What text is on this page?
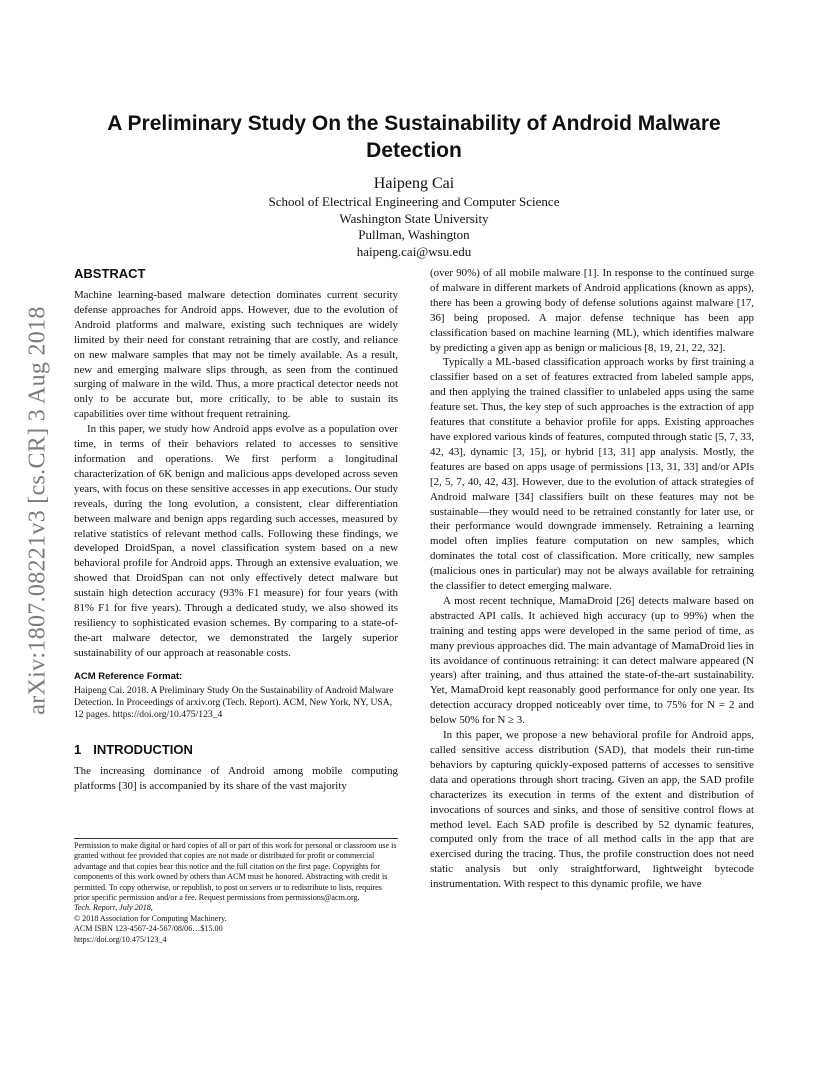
arXiv:1807.08221v3 [cs.CR] 3 Aug 2018
A Preliminary Study On the Sustainability of Android Malware Detection
Haipeng Cai
School of Electrical Engineering and Computer Science
Washington State University
Pullman, Washington
haipeng.cai@wsu.edu
ABSTRACT

Machine learning-based malware detection dominates current security defense approaches for Android apps. However, due to the evolution of Android platforms and malware, existing such techniques are widely limited by their need for constant retraining that are costly, and reliance on new malware samples that may not be timely available. As a result, new and emerging malware slips through, as seen from the continued surging of malware in the wild. Thus, a more practical detector needs not only to be accurate but, more critically, to be able to sustain its capabilities over time without frequent retraining.

In this paper, we study how Android apps evolve as a population over time, in terms of their behaviors related to accesses to sensitive information and operations. We first perform a longitudinal characterization of 6K benign and malicious apps developed across seven years, with focus on these sensitive accesses in app executions. Our study reveals, during the long evolution, a consistent, clear differentiation between malware and benign apps regarding such accesses, measured by relative statistics of relevant method calls. Following these findings, we developed DroidSpan, a novel classification system based on a new behavioral profile for Android apps. Through an extensive evaluation, we showed that DroidSpan can not only effectively detect malware but sustain high detection accuracy (93% F1 measure) for four years (with 81% F1 for five years). Through a dedicated study, we also showed its resiliency to sophisticated evasion schemes. By comparing to a state-of-the-art malware detector, we demonstrated the largely superior sustainability of our approach at reasonable costs.

ACM Reference Format:

Haipeng Cai. 2018. A Preliminary Study On the Sustainability of Android Malware Detection. In Proceedings of arxiv.org (Tech. Report). ACM, New York, NY, USA, 12 pages. https://doi.org/10.475/123_4

1 INTRODUCTION

The increasing dominance of Android among mobile computing platforms [30] is accompanied by its share of the vast majority

Permission to make digital or hard copies of all or part of this work for personal or classroom use is granted without fee provided that copies are not made or distributed for profit or commercial advantage and that copies bear this notice and the full citation on the first page. Copyrights for components of this work owned by others than ACM must be honored. Abstracting with credit is permitted. To copy otherwise, or republish, to post on servers or to redistribute to lists, requires prior specific permission and/or a fee. Request permissions from permissions@acm.org.

Tech. Report, July 2018,

© 2018 Association for Computing Machinery.

ACM ISBN 123-4567-24-567/08/06…$15.00

https://doi.org/10.475/123_4

(over 90%) of all mobile malware [1]. In response to the continued surge of malware in different markets of Android applications (known as apps), there has been a growing body of defense solutions against malware [17, 36] being proposed. A major defense technique has been app classification based on machine learning (ML), which identifies malware by predicting a given app as benign or malicious [8, 19, 21, 22, 32].

Typically a ML-based classification approach works by first training a classifier based on a set of features extracted from labeled sample apps, and then applying the trained classifier to unlabeled apps using the same feature set. Thus, the key step of such approaches is the extraction of app features that constitute a behavior profile for apps. Existing approaches have explored various kinds of features, computed through static [5, 7, 33, 42, 43], dynamic [3, 15], or hybrid [13, 31] app analysis. Mostly, the features are based on apps usage of permissions [13, 31, 33] and/or APIs [2, 5, 7, 40, 42, 43]. However, due to the evolution of attack strategies of Android malware [34] classifiers built on these features may not be sustainable—they would need to be retrained constantly for later use, or their performance would downgrade immensely. Retraining a learning model often implies feature computation on new samples, which dominates the total cost of classification. More critically, new samples (malicious ones in particular) may not be always available for retraining the classifier to detect emerging malware.

A most recent technique, MamaDroid [26] detects malware based on abstracted API calls. It achieved high accuracy (up to 99%) when the training and testing apps were developed in the same period of time, as many previous approaches did. The main advantage of MamaDroid lies in its avoidance of continuous retraining: it can detect malware appeared (N years) after training, and thus attained the state-of-the-art sustainability. Yet, MamaDroid kept reasonably good performance for only one year. Its detection accuracy dropped noticeably over time, to 75% for N = 2 and below 50% for N ≥ 3.

In this paper, we propose a new behavioral profile for Android apps, called sensitive access distribution (SAD), that models their run-time behaviors by capturing quickly-exposed patterns of accesses to sensitive data and operations through short tracing. Given an app, the SAD profile characterizes its execution in terms of the extent and distribution of invocations of sources and sinks, and those of sensitive control flows at method level. Each SAD profile is described by 52 dynamic features, computed only from the trace of all method calls in the app that are exercised during the tracing. Thus, the profile construction does not need static analysis but only straightforward, lightweight bytecode instrumentation. With respect to this dynamic profile, we have
